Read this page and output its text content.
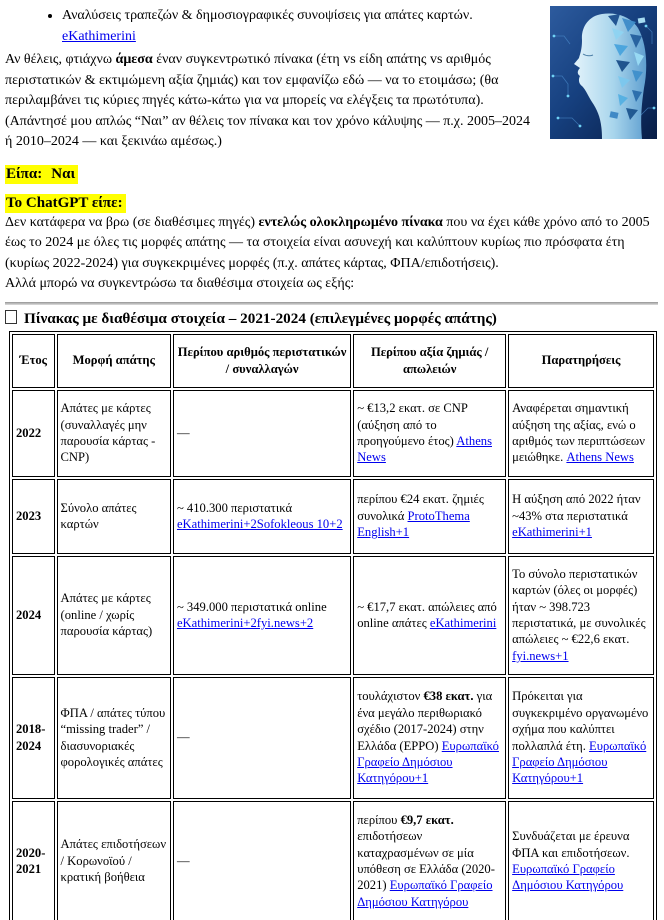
• Αναλύσεις τραπεζών & δημοσιογραφικές συνοψίσεις για απάτες καρτών.
eKathimerini

Αν θέλεις, φτιάχνω άμεσα έναν συγκεντρωτικό πίνακα (έτη vs είδη απάτης vs αριθμός περιστατικών & εκτιμώμενη αξία ζημιάς) και τον εμφανίζω εδώ — να το ετοιμάσω; (θα περιλαμβάνει τις κύριες πηγές κάτω-κάτω για να μπορείς να ελέγξεις τα πρωτότυπα). (Απάντησέ μου απλώς “Ναι” αν θέλεις τον πίνακα και τον χρόνο κάλυψης — π.χ. 2005–2024 ή 2010–2024 — και ξεκινάω αμέσως.)

Είπα: Ναι

Το ChatGPT είπε:

Δεν κατάφερα να βρω (σε διαθέσιμες πηγές) εντελώς ολοκληρωμένο πίνακα που να έχει κάθε χρόνο από το 2005 έως το 2024 με όλες τις μορφές απάτης — τα στοιχεία είναι ασυνεχή και καλύπτουν κυρίως πιο πρόσφατα έτη (κυρίως 2022-2024) για συγκεκριμένες μορφές (π.χ. απάτες κάρτας, ΦΠΑ/επιδοτήσεις).

Αλλά μπορώ να συγκεντρώσω τα διαθέσιμα στοιχεία ως εξής:
Πίνακας με διαθέσιμα στοιχεία – 2021-2024 (επιλεγμένες μορφές απάτης)
Έτος	Μορφή απάτης	Περίπου αριθμός περιστατικών / συναλλαγών	Περίπου αξία ζημιάς / απωλειών	Παρατηρήσεις
2022	Απάτες με κάρτες (συναλλαγές μην παρουσία κάρτας - CNP)	—	~ €13,2 εκατ. σε CNP (αύξηση από το προηγούμενο έτος) Athens News	Αναφέρεται σημαντική αύξηση της αξίας, ενώ ο αριθμός των περιπτώσεων μειώθηκε. Athens News
2023	Σύνολο απάτες καρτών	~ 410.300 περιστατικά eKathimerini+2Sofokleous 10+2	περίπου €24 εκατ. ζημιές συνολικά ProtoThema English+1	Η αύξηση από 2022 ήταν ~43% στα περιστατικά eKathimerini+1
2024	Απάτες με κάρτες (online / χωρίς παρουσία κάρτας)	~ 349.000 περιστατικά online eKathimerini+2fyi.news+2	~ €17,7 εκατ. απώλειες από online απάτες eKathimerini	Το σύνολο περιστατικών καρτών (όλες οι μορφές) ήταν ~ 398.723 περιστατικά, με συνολικές απώλειες ~ €22,6 εκατ. fyi.news+1
2018-2024	ΦΠΑ / απάτες τύπου “missing trader” / διασυνοριακές φορολογικές απάτες	—	τουλάχιστον €38 εκατ. για ένα μεγάλο περιθωριακό σχέδιο (2017-2024) στην Ελλάδα (EPPO) Ευρωπαϊκό Γραφείο Δημόσιου Κατηγόρου+1	Πρόκειται για συγκεκριμένο οργανωμένο σχήμα που καλύπτει πολλαπλά έτη. Ευρωπαϊκό Γραφείο Δημόσιου Κατηγόρου+1
2020-2021	Απάτες επιδοτήσεων / Κορωνοϊού / κρατική βοήθεια	—	περίπου €9,7 εκατ. επιδοτήσεων καταχρασμένων σε μία υπόθεση σε Ελλάδα (2020-2021) Ευρωπαϊκό Γραφείο Δημόσιου Κατηγόρου	Συνδυάζεται με έρευνα ΦΠΑ και επιδοτήσεων. Ευρωπαϊκό Γραφείο Δημόσιου Κατηγόρου
